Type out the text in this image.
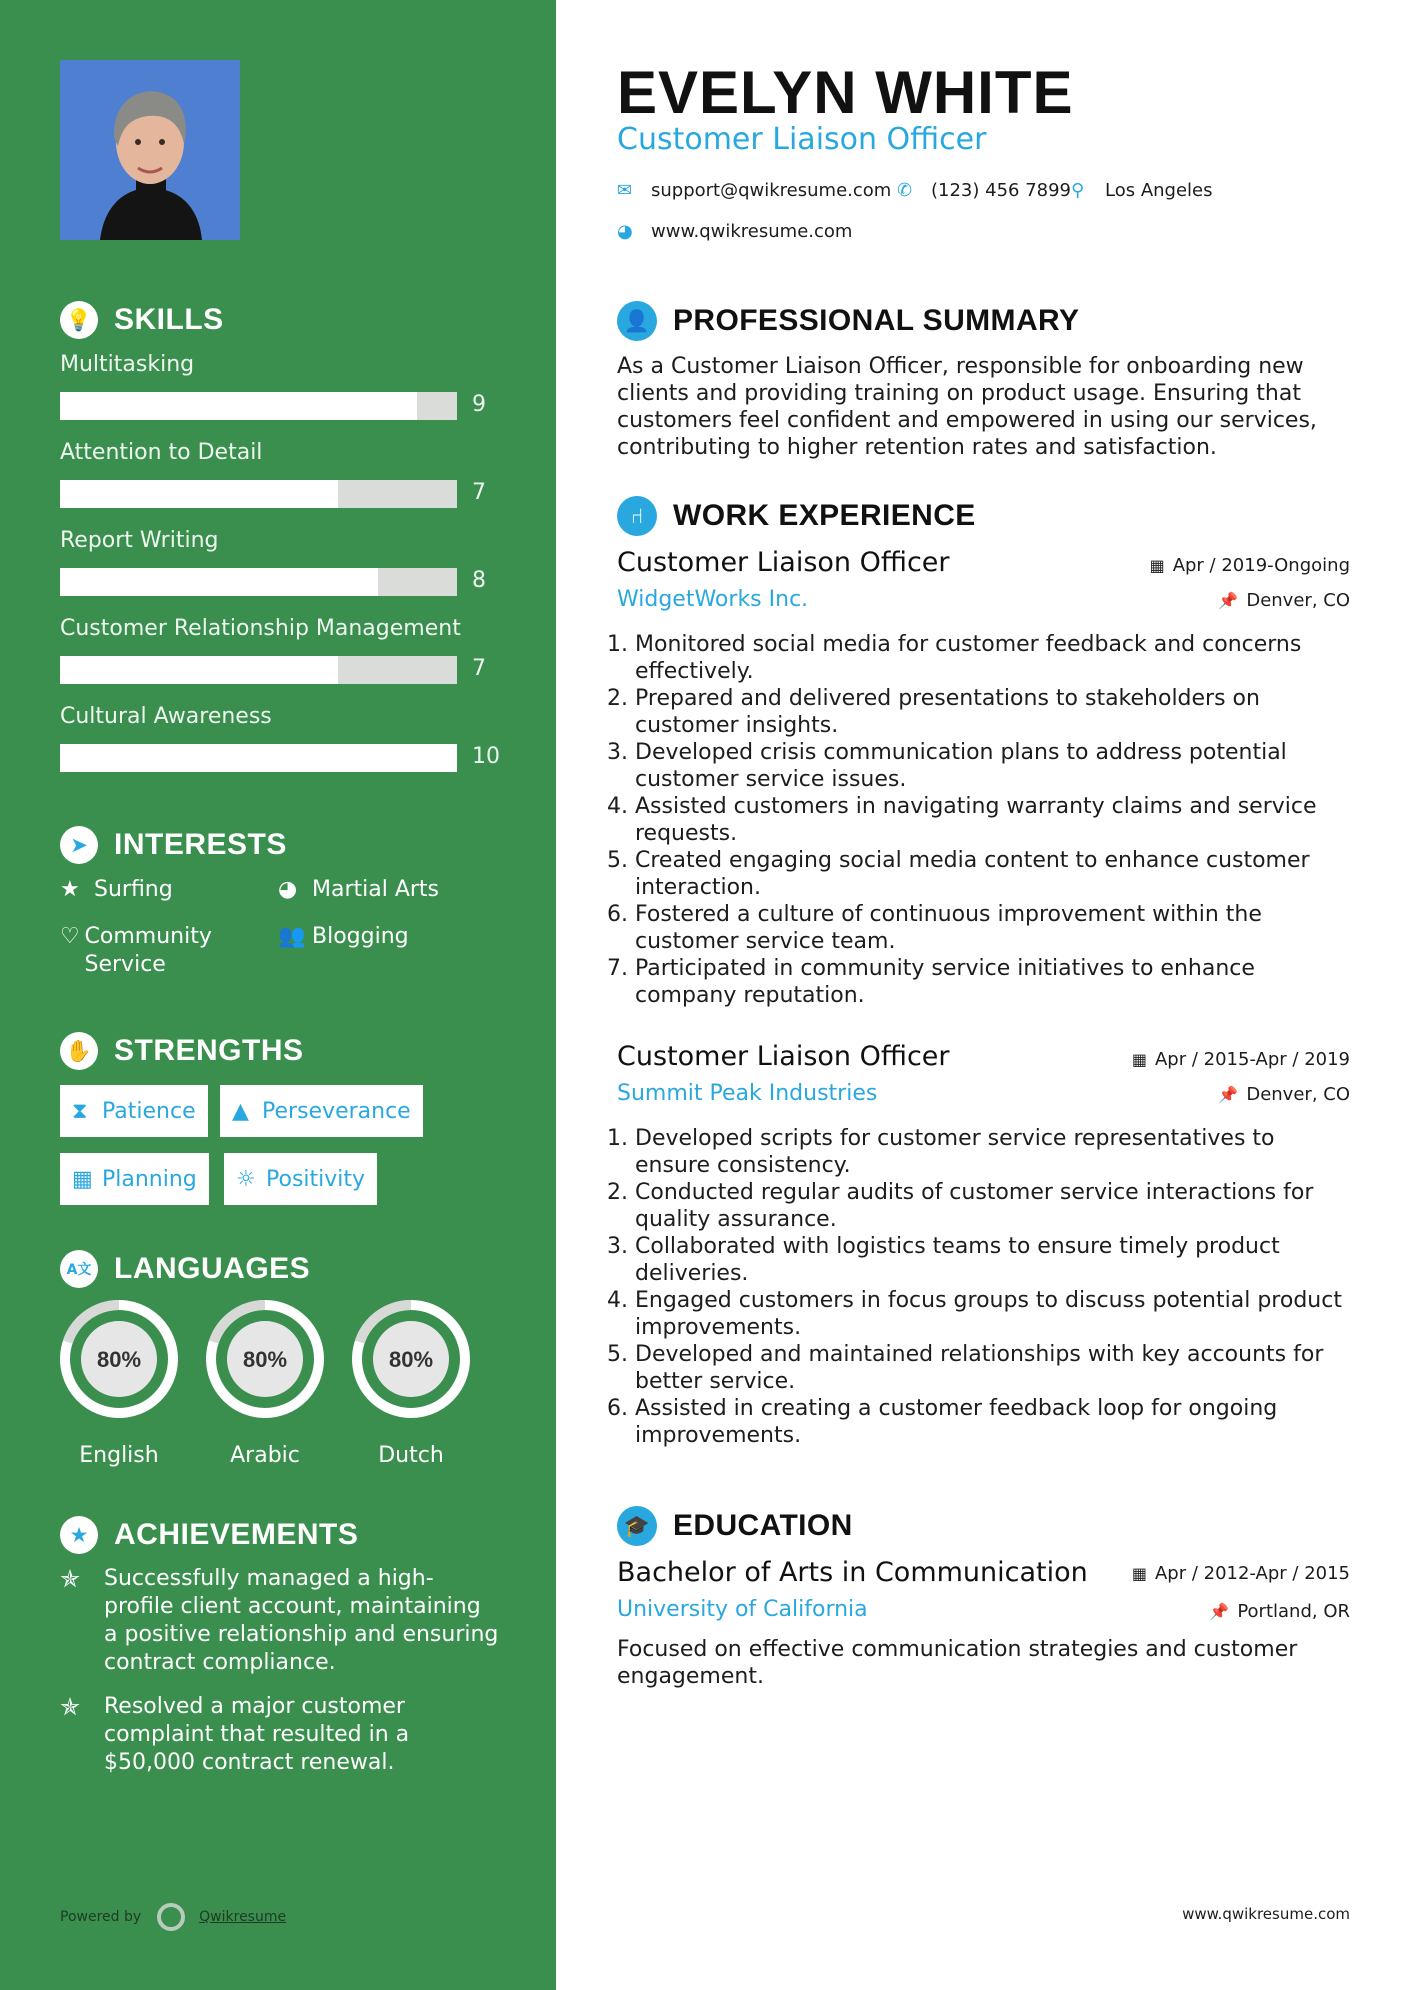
💡 SKILLS
Multitasking
9
Attention to Detail
7
Report Writing
8
Customer Relationship Management
7
Cultural Awareness
10
➤ INTERESTS
★ Surfing	◕ Martial Arts
♡ Community Service
👥 Blogging
✋ STRENGTHS
⧗ Patience ▲ Perseverance
▦ Planning ☼ Positivity
A文 LANGUAGES
80%
English
80%
Arabic
80%
Dutch
★ ACHIEVEMENTS
✯	Successfully managed a high-profile client account, maintaining a positive relationship and ensuring contract compliance.
✯	Resolved a major customer complaint that resulted in a $50,000 contract renewal.
Powered by	Qwikresume
EVELYN WHITE
Customer Liaison Officer
✉	support@qwikresume.com ✆	(123) 456 7899 ⚲	Los Angeles
◕	www.qwikresume.com
👤 PROFESSIONAL SUMMARY
As a Customer Liaison Officer, responsible for onboarding new clients and providing training on product usage. Ensuring that customers feel confident and empowered in using our services, contributing to higher retention rates and satisfaction.
⑁ WORK EXPERIENCE
Customer Liaison Officer	▦ Apr / 2019-Ongoing
WidgetWorks Inc.	📌 Denver, CO
1. Monitored social media for customer feedback and concerns effectively.
2. Prepared and delivered presentations to stakeholders on customer insights.
3. Developed crisis communication plans to address potential customer service issues.
4. Assisted customers in navigating warranty claims and service requests.
5. Created engaging social media content to enhance customer interaction.
6. Fostered a culture of continuous improvement within the customer service team.
7. Participated in community service initiatives to enhance company reputation.
Customer Liaison Officer	▦ Apr / 2015-Apr / 2019
Summit Peak Industries	📌 Denver, CO
1. Developed scripts for customer service representatives to ensure consistency.
2. Conducted regular audits of customer service interactions for quality assurance.
3. Collaborated with logistics teams to ensure timely product deliveries.
4. Engaged customers in focus groups to discuss potential product improvements.
5. Developed and maintained relationships with key accounts for better service.
6. Assisted in creating a customer feedback loop for ongoing improvements.
🎓 EDUCATION
Bachelor of Arts in Communication	▦ Apr / 2012-Apr / 2015
University of California	📌 Portland, OR
Focused on effective communication strategies and customer engagement.
www.qwikresume.com
